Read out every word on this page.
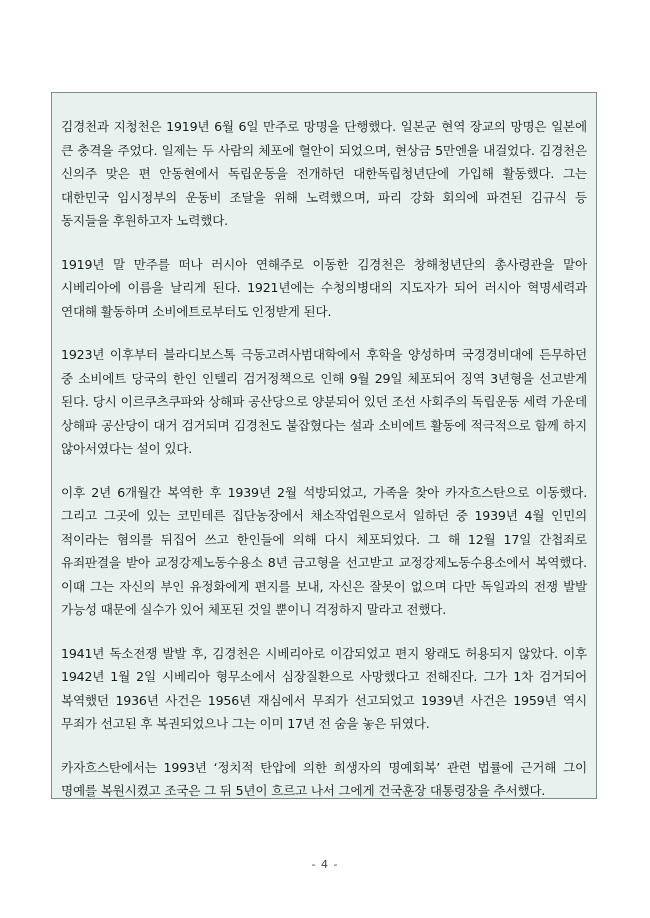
김경천과 지청천은 1919년 6월 6일 만주로 망명을 단행했다. 일본군 현역 장교의 망명은 일본에 큰 충격을 주었다. 일제는 두 사람의 체포에 혈안이 되었으며, 현상금 5만엔을 내걸었다. 김경천은 신의주 맞은 편 안동현에서 독립운동을 전개하던 대한독립청년단에 가입해 활동했다. 그는 대한민국 임시정부의 운동비 조달을 위해 노력했으며, 파리 강화 회의에 파견된 김규식 등 동지들을 후원하고자 노력했다.

1919년 말 만주를 떠나 러시아 연해주로 이동한 김경천은 창해청년단의 총사령관을 맡아 시베리아에 이름을 날리게 된다. 1921년에는 수청의병대의 지도자가 되어 러시아 혁명세력과 연대해 활동하며 소비에트로부터도 인정받게 된다.

1923년 이후부터 블라디보스톡 극동고려사범대학에서 후학을 양성하며 국경경비대에 든무하던 중 소비에트 당국의 한인 인텔리 검거정책으로 인해 9월 29일 체포되어 징역 3년형을 선고받게 된다. 당시 이르쿠츠쿠파와 상해파 공산당으로 양분되어 있던 조선 사회주의 독립운동 세력 가운데 상해파 공산당이 대거 검거되며 김경천도 붙잡혔다는 설과 소비에트 활동에 적극적으로 함께 하지 않아서였다는 설이 있다.

이후 2년 6개월간 복역한 후 1939년 2월 석방되었고, 가족을 찾아 카자흐스탄으로 이동했다. 그리고 그곳에 있는 코민테른 집단농장에서 채소작업원으로서 일하던 중 1939년 4월 인민의 적이라는 혐의를 뒤집어 쓰고 한인들에 의해 다시 체포되었다. 그 해 12월 17일 간첩죄로 유죄판결을 받아 교정강제노동수용소 8년 금고형을 선고받고 교정강제노동수용소에서 복역했다. 이때 그는 자신의 부인 유정화에게 편지를 보내, 자신은 잘못이 없으며 다만 독일과의 전쟁 발발 가능성 때문에 실수가 있어 체포된 것일 뿐이니 걱정하지 말라고 전했다.

1941년 독소전쟁 발발 후, 김경천은 시베리아로 이감되었고 편지 왕래도 허용되지 않았다. 이후 1942년 1월 2일 시베리아 형무소에서 심장질환으로 사망했다고 전해진다. 그가 1차 검거되어 복역했던 1936년 사건은 1956년 재심에서 무죄가 선고되었고 1939년 사건은 1959년 역시 무죄가 선고된 후 복권되었으나 그는 이미 17년 전 숨을 놓은 뒤였다.

카자흐스탄에서는 1993년 ‘정치적 탄압에 의한 희생자의 명예회복’ 관련 법률에 근거해 그이 명예를 복원시켰고 조국은 그 뒤 5년이 흐르고 나서 그에게 건국훈장 대통령장을 추서했다.

- 4 -
